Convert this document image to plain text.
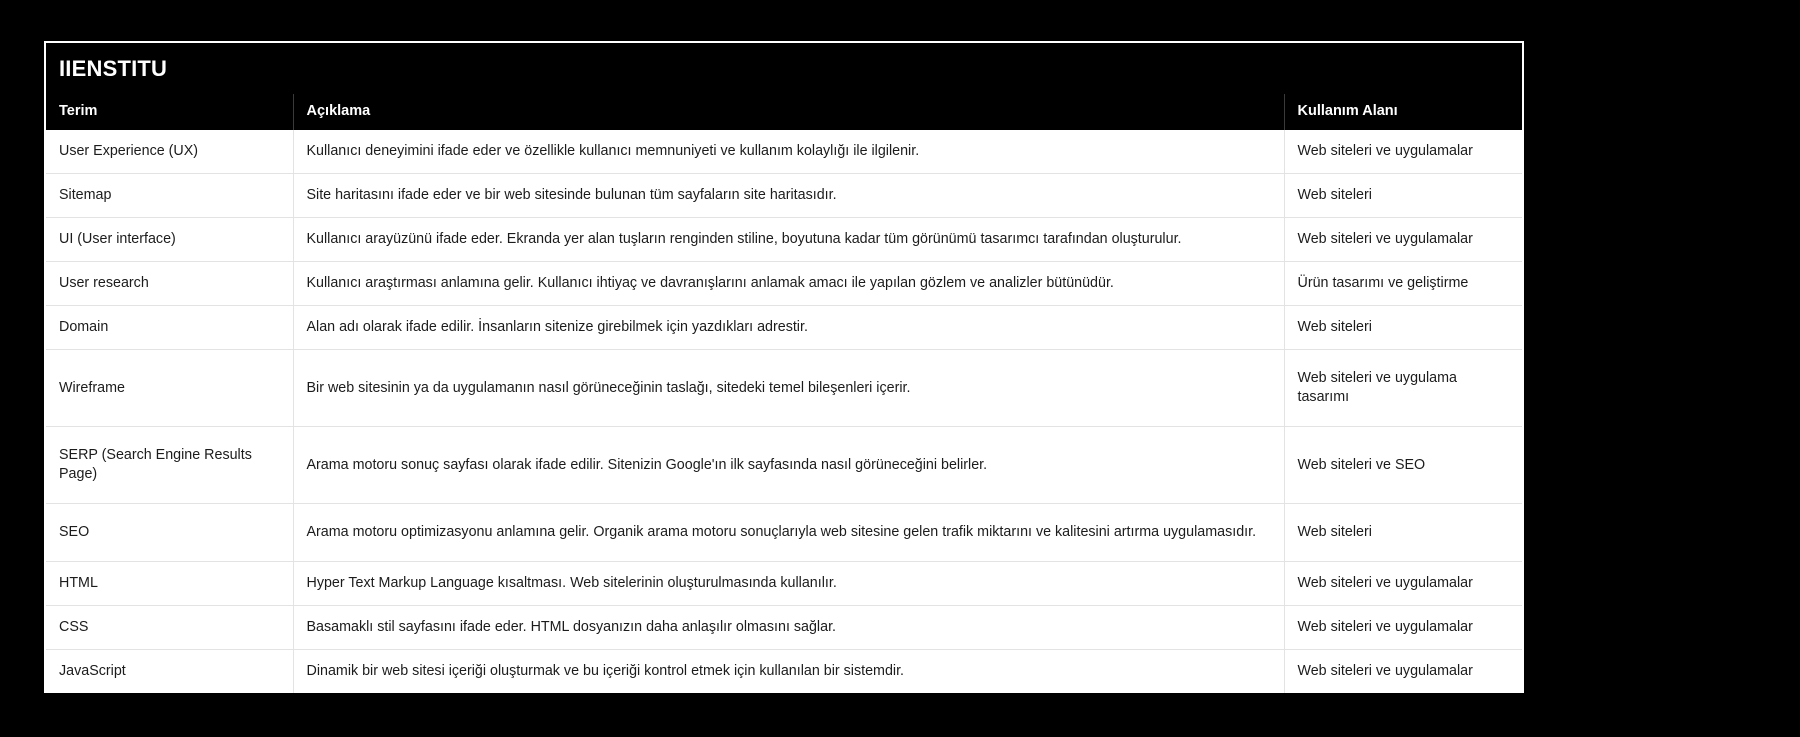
IIENSTITU
Terim	Açıklama	Kullanım Alanı
User Experience (UX)	Kullanıcı deneyimini ifade eder ve özellikle kullanıcı memnuniyeti ve kullanım kolaylığı ile ilgilenir.	Web siteleri ve uygulamalar
Sitemap	Site haritasını ifade eder ve bir web sitesinde bulunan tüm sayfaların site haritasıdır.	Web siteleri
UI (User interface)	Kullanıcı arayüzünü ifade eder. Ekranda yer alan tuşların renginden stiline, boyutuna kadar tüm görünümü tasarımcı tarafından oluşturulur.	Web siteleri ve uygulamalar
User research	Kullanıcı araştırması anlamına gelir. Kullanıcı ihtiyaç ve davranışlarını anlamak amacı ile yapılan gözlem ve analizler bütünüdür.	Ürün tasarımı ve geliştirme
Domain	Alan adı olarak ifade edilir. İnsanların sitenize girebilmek için yazdıkları adrestir.	Web siteleri
Wireframe	Bir web sitesinin ya da uygulamanın nasıl görüneceğinin taslağı, sitedeki temel bileşenleri içerir.	Web siteleri ve uygulama tasarımı
SERP (Search Engine Results Page)	Arama motoru sonuç sayfası olarak ifade edilir. Sitenizin Google'ın ilk sayfasında nasıl görüneceğini belirler.	Web siteleri ve SEO
SEO	Arama motoru optimizasyonu anlamına gelir. Organik arama motoru sonuçlarıyla web sitesine gelen trafik miktarını ve kalitesini artırma uygulamasıdır.	Web siteleri
HTML	Hyper Text Markup Language kısaltması. Web sitelerinin oluşturulmasında kullanılır.	Web siteleri ve uygulamalar
CSS	Basamaklı stil sayfasını ifade eder. HTML dosyanızın daha anlaşılır olmasını sağlar.	Web siteleri ve uygulamalar
JavaScript	Dinamik bir web sitesi içeriği oluşturmak ve bu içeriği kontrol etmek için kullanılan bir sistemdir.	Web siteleri ve uygulamalar
